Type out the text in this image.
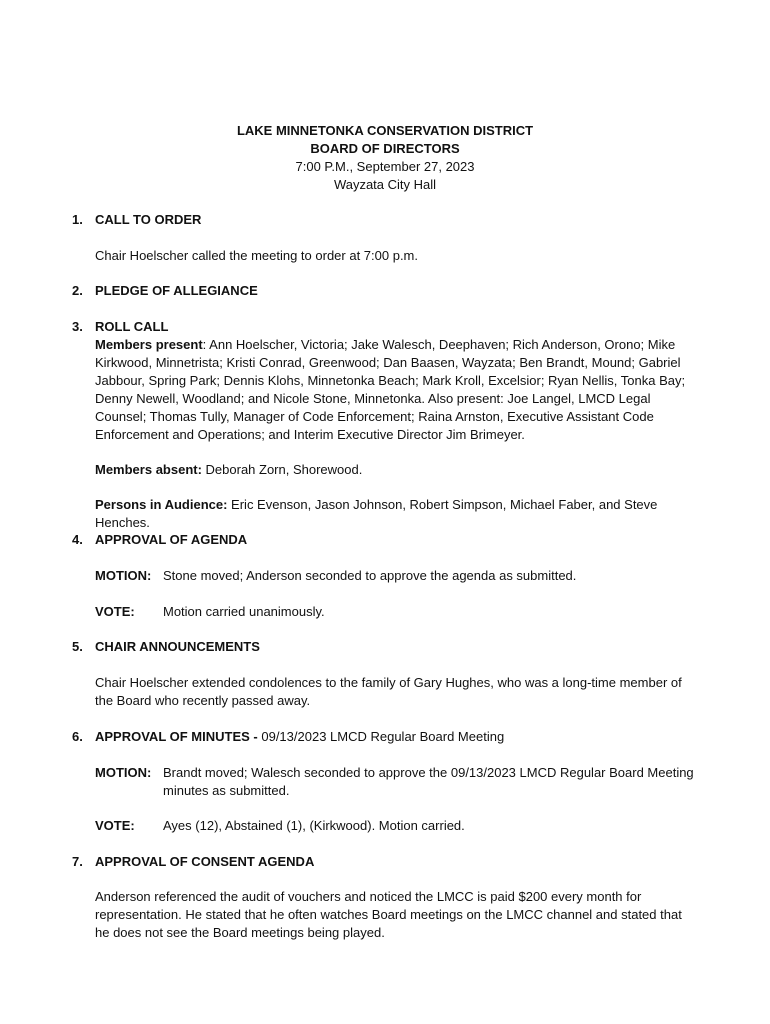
LAKE MINNETONKA CONSERVATION DISTRICT
BOARD OF DIRECTORS
7:00 P.M., September 27, 2023
Wayzata City Hall
1. CALL TO ORDER
Chair Hoelscher called the meeting to order at 7:00 p.m.
2. PLEDGE OF ALLEGIANCE
3. ROLL CALL
Members present: Ann Hoelscher, Victoria; Jake Walesch, Deephaven; Rich Anderson, Orono; Mike Kirkwood, Minnetrista; Kristi Conrad, Greenwood; Dan Baasen, Wayzata; Ben Brandt, Mound; Gabriel Jabbour, Spring Park; Dennis Klohs, Minnetonka Beach; Mark Kroll, Excelsior; Ryan Nellis, Tonka Bay; Denny Newell, Woodland; and Nicole Stone, Minnetonka. Also present: Joe Langel, LMCD Legal Counsel; Thomas Tully, Manager of Code Enforcement; Raina Arnston, Executive Assistant Code Enforcement and Operations; and Interim Executive Director Jim Brimeyer.
Members absent: Deborah Zorn, Shorewood.
Persons in Audience: Eric Evenson, Jason Johnson, Robert Simpson, Michael Faber, and Steve Henches.
4. APPROVAL OF AGENDA
MOTION: Stone moved; Anderson seconded to approve the agenda as submitted.
VOTE:	Motion carried unanimously.
5. CHAIR ANNOUNCEMENTS
Chair Hoelscher extended condolences to the family of Gary Hughes, who was a long-time member of the Board who recently passed away.
6. APPROVAL OF MINUTES - 09/13/2023 LMCD Regular Board Meeting
MOTION: Brandt moved; Walesch seconded to approve the 09/13/2023 LMCD Regular Board Meeting minutes as submitted.
VOTE:	Ayes (12), Abstained (1), (Kirkwood). Motion carried.
7. APPROVAL OF CONSENT AGENDA
Anderson referenced the audit of vouchers and noticed the LMCC is paid $200 every month for representation. He stated that he often watches Board meetings on the LMCC channel and stated that he does not see the Board meetings being played.
